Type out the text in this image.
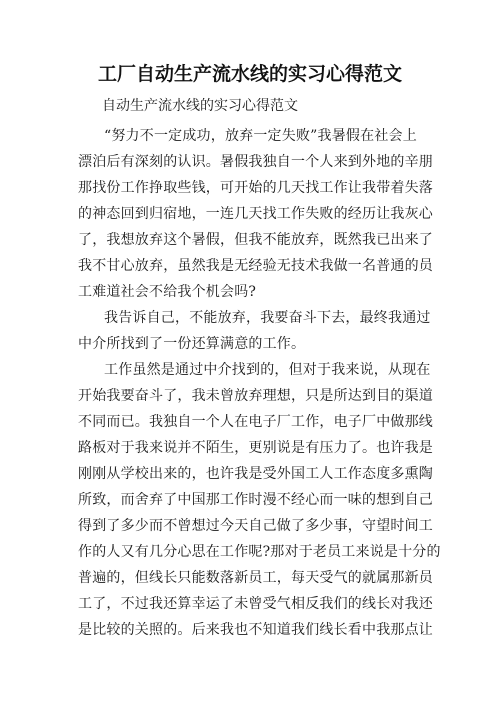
工厂自动生产流水线的实习心得范文
自动生产流水线的实习心得范文
“努力不一定成功，放弃一定失败”我暑假在社会上
漂泊后有深刻的认识。暑假我独自一个人来到外地的辛朋
那找份工作挣取些钱，可开始的几天找工作让我带着失落
的神态回到归宿地，一连几天找工作失败的经历让我灰心
了，我想放弃这个暑假，但我不能放弃，既然我已出来了
我不甘心放弃，虽然我是无经验无技术我做一名普通的员
工难道社会不给我个机会吗?
我告诉自己，不能放弃，我要奋斗下去，最终我通过
中介所找到了一份还算满意的工作。
工作虽然是通过中介找到的，但对于我来说，从现在
开始我要奋斗了，我未曾放弃理想，只是所达到目的渠道
不同而已。我独自一个人在电子厂工作，电子厂中做那线
路板对于我来说并不陌生，更别说是有压力了。也许我是
刚刚从学校出来的，也许我是受外国工人工作态度多熏陶
所致，而舍弃了中国那工作时漫不经心而一味的想到自己
得到了多少而不曾想过今天自己做了多少事，守望时间工
作的人又有几分心思在工作呢?那对于老员工来说是十分的
普遍的，但线长只能数落新员工，每天受气的就属那新员
工了，不过我还算幸运了未曾受气相反我们的线长对我还
是比较的关照的。后来我也不知道我们线长看中我那点让
